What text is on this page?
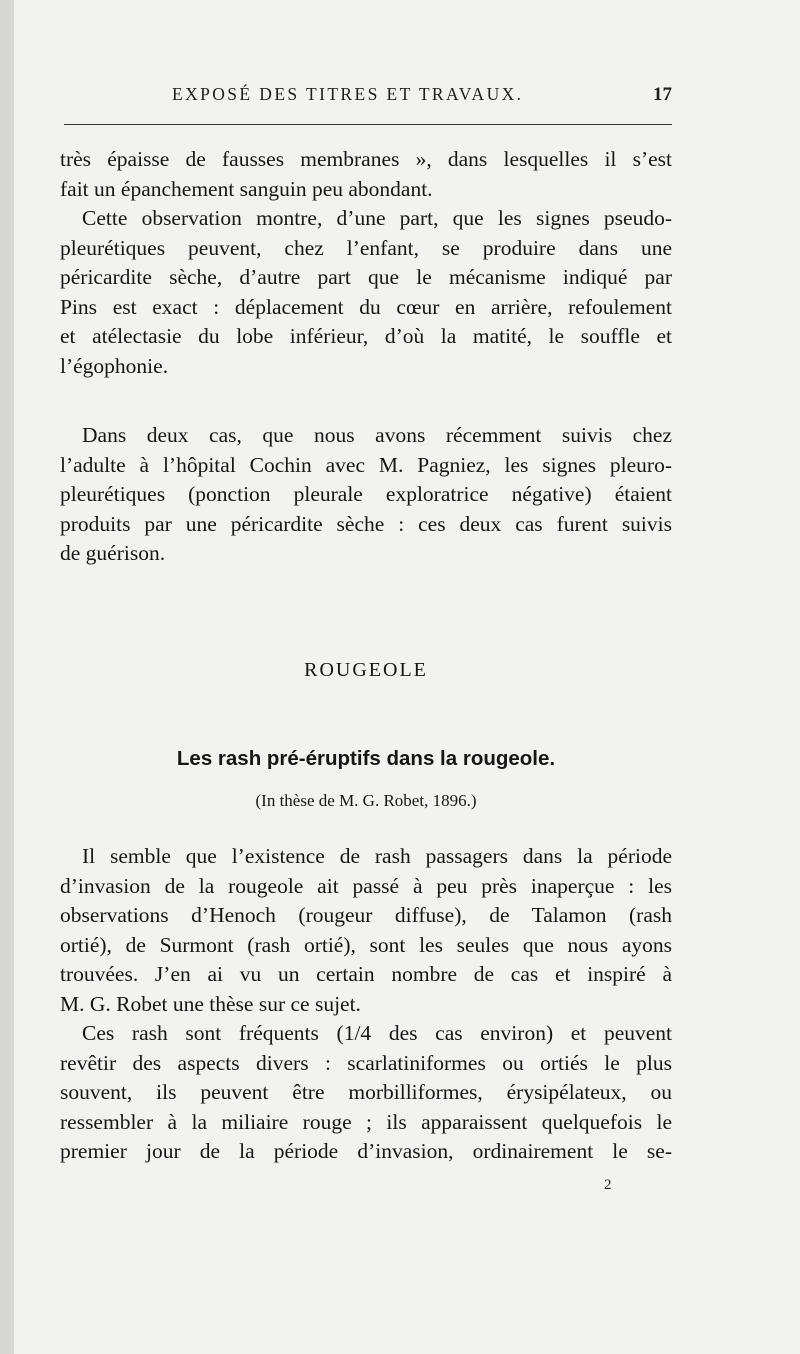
EXPOSÉ DES TITRES ET TRAVAUX.	17
très épaisse de fausses membranes », dans lesquelles il s’est
fait un épanchement sanguin peu abondant.
Cette observation montre, d’une part, que les signes pseudo-
pleurétiques peuvent, chez l’enfant, se produire dans une
péricardite sèche, d’autre part que le mécanisme indiqué par
Pins est exact : déplacement du cœur en arrière, refoulement
et atélectasie du lobe inférieur, d’où la matité, le souffle et
l’égophonie.
Dans deux cas, que nous avons récemment suivis chez
l’adulte à l’hôpital Cochin avec M. Pagniez, les signes pleuro-
pleurétiques (ponction pleurale exploratrice négative) étaient
produits par une péricardite sèche : ces deux cas furent suivis
de guérison.
ROUGEOLE
Les rash pré-éruptifs dans la rougeole.
(In thèse de M. G. Robet, 1896.)
Il semble que l’existence de rash passagers dans la période
d’invasion de la rougeole ait passé à peu près inaperçue : les
observations d’Henoch (rougeur diffuse), de Talamon (rash
ortié), de Surmont (rash ortié), sont les seules que nous ayons
trouvées. J’en ai vu un certain nombre de cas et inspiré à
M. G. Robet une thèse sur ce sujet.
Ces rash sont fréquents (1/4 des cas environ) et peuvent
revêtir des aspects divers : scarlatiniformes ou ortiés le plus
souvent, ils peuvent être morbilliformes, érysipélateux, ou
ressembler à la miliaire rouge ; ils apparaissent quelquefois le
premier jour de la période d’invasion, ordinairement le se-
2
